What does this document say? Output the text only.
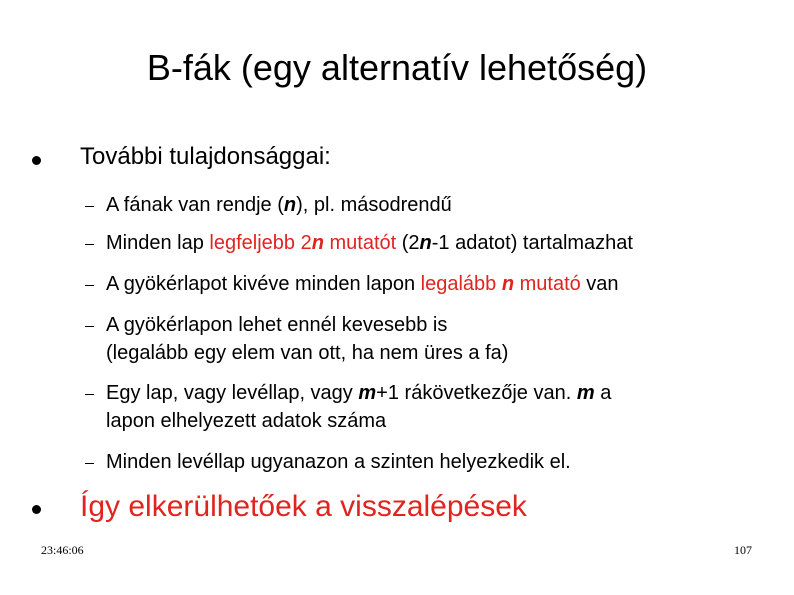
B-fák (egy alternatív lehetőség)
További tulajdonsággai:
A fának van rendje (n), pl. másodrendű
Minden lap legfeljebb 2n mutatót (2n-1 adatot) tartalmazhat
A gyökérlapot kivéve minden lapon legalább n mutató van
A gyökérlapon lehet ennél kevesebb is
(legalább egy elem van ott, ha nem üres a fa)
Egy lap, vagy levéllap, vagy m+1 rákövetkezője van. m a
lapon elhelyezett adatok száma
Minden levéllap ugyanazon a szinten helyezkedik el.
Így elkerülhetőek a visszalépések
23:46:06	107
